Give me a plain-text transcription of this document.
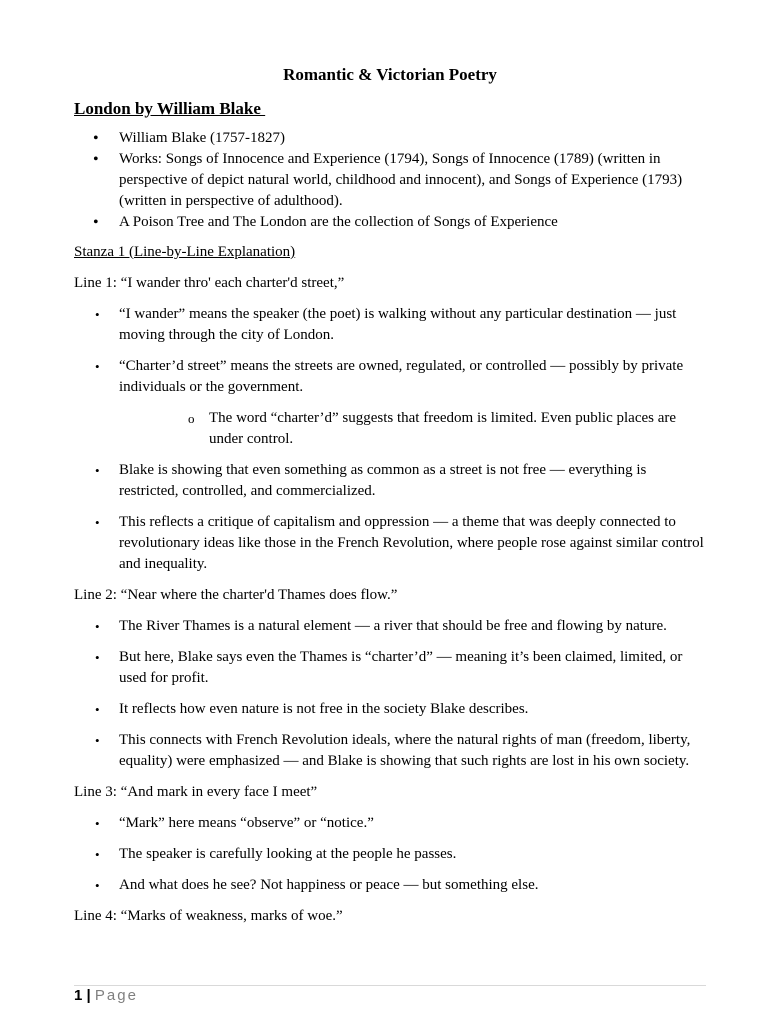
Romantic & Victorian Poetry
London by William Blake
• William Blake (1757-1827)
• Works: Songs of Innocence and Experience (1794), Songs of Innocence (1789) (written in perspective of depict natural world, childhood and innocent), and Songs of Experience (1793) (written in perspective of adulthood).
• A Poison Tree and The London are the collection of Songs of Experience
Stanza 1 (Line-by-Line Explanation)
Line 1: “I wander thro' each charter'd street,”
• “I wander” means the speaker (the poet) is walking without any particular destination — just moving through the city of London.
• “Charter’d street” means the streets are owned, regulated, or controlled — possibly by private individuals or the government.
o The word “charter’d” suggests that freedom is limited. Even public places are under control.
• Blake is showing that even something as common as a street is not free — everything is restricted, controlled, and commercialized.
• This reflects a critique of capitalism and oppression — a theme that was deeply connected to revolutionary ideas like those in the French Revolution, where people rose against similar control and inequality.
Line 2: “Near where the charter'd Thames does flow.”
• The River Thames is a natural element — a river that should be free and flowing by nature.
• But here, Blake says even the Thames is “charter’d” — meaning it’s been claimed, limited, or used for profit.
• It reflects how even nature is not free in the society Blake describes.
• This connects with French Revolution ideals, where the natural rights of man (freedom, liberty, equality) were emphasized — and Blake is showing that such rights are lost in his own society.
Line 3: “And mark in every face I meet”
• “Mark” here means “observe” or “notice.”
• The speaker is carefully looking at the people he passes.
• And what does he see? Not happiness or peace — but something else.
Line 4: “Marks of weakness, marks of woe.”
1 | Page
